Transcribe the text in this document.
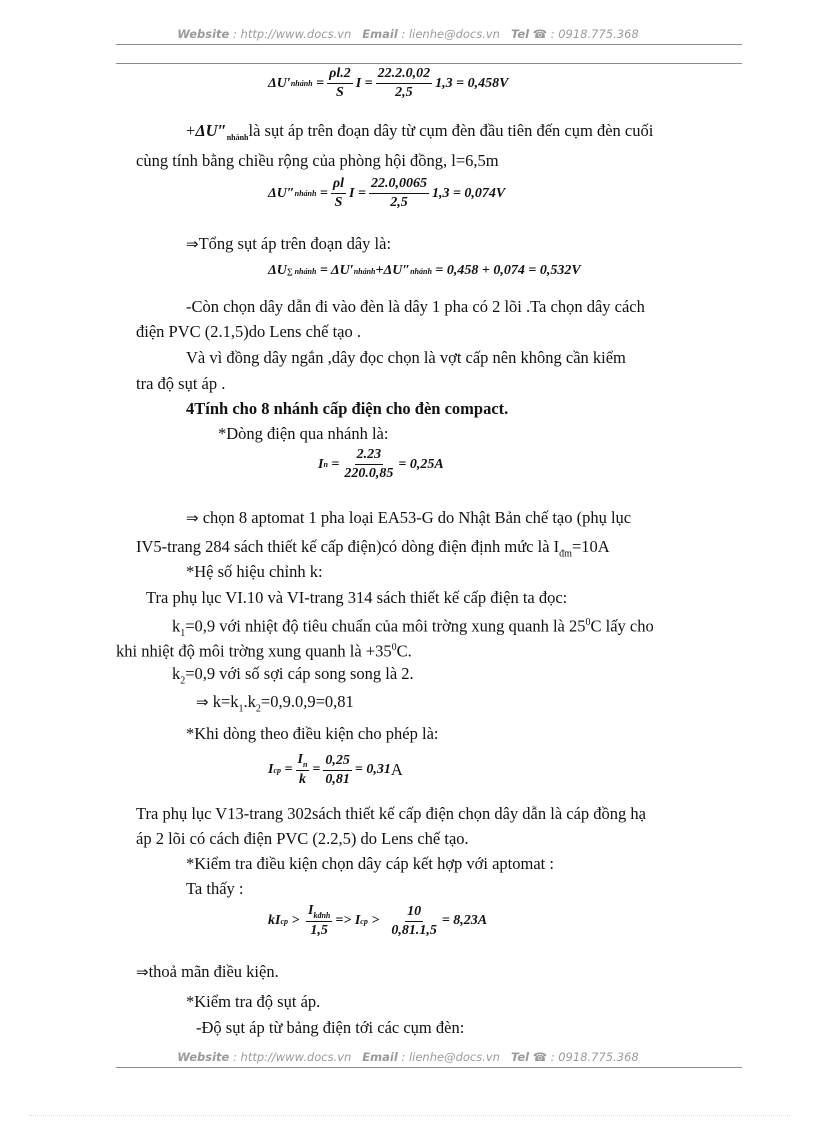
Website : http://www.docs.vn Email : lienhe@docs.vn Tel ☎ : 0918.775.368
ΔU′ nhánh = $\frac{\rho l.2}{S}$ $I = \frac{22.2.0,02}{2,5} 1,3 = 0,458V$
$+\Delta U''_{nhánh}là$ sụt áp trên đoạn dây từ cụm đèn đầu tiên đến cụm đèn cuối
cùng tính bằng chiều rộng của phòng hội đồng, l=6,5m
ΔU″ nhánh = $\frac{\rho l}{S}$ $I = \frac{22.0,0065}{2,5} 1,3 = 0,074V$
⇒Tổng sụt áp trên đoạn dây là:
ΔU ∑ nhánh
= ΔU′ nhánh +ΔU″ nhánh
= 0,458 + 0,074 = 0,532V
-Còn chọn dây dẫn đi vào đèn là dây 1 pha có 2 lõi .Ta chọn dây cách
điện PVC (2.1,5)do Lens chế tạo .
Và vì đồng dây ngắn ,dây đọc chọn là vợt cấp nên không cần kiểm
tra độ sụt áp .
4Tính cho 8 nhánh cấp điện cho đèn compact.
*Dòng điện qua nhánh là:
I $n = \frac{2.23}{220.0,85} = 0,25A$
⇒ chọn 8 aptomat 1 pha loại EA53-G do Nhật Bản chế tạo (phụ lục
IV5-trang 284 sách thiết kế cấp điện)có dòng điện định mức là $I_{đm}=10A$
*Hệ số hiệu chỉnh k:
Tra phụ lục VI.10 và VI-trang 314 sách thiết kế cấp điện ta đọc:
$k_1=0,9$ với nhiệt độ tiêu chuẩn của môi trờng xung quanh là $25^0C$ lấy cho
khi nhiệt độ môi trờng xung quanh là $+35^0C$.
$k_2=0,9$ với số sợi cáp song song là 2.
⇒ $k=k_1.k_2=0,9.0,9=0,81$
*Khi dòng theo điều kiện cho phép là:
I cp = $\frac{I_n}{k} = \frac{0,25}{0,81} = 0,31$ A
Tra phụ lục V13-trang 302sách thiết kế cấp điện chọn dây dẫn là cáp đồng hạ
áp 2 lõi có cách điện PVC (2.2,5) do Lens chế tạo.
*Kiểm tra điều kiện chọn dây cáp kết hợp với aptomat :
Ta thấy :
kI cp
>
$\frac{I_{kđnh}}{1,5} => I$ cp
>
$\frac{10}{0,81.1,5} = 8,23A$
⇒thoả mãn điều kiện.
*Kiểm tra độ sụt áp.
-Độ sụt áp từ bảng điện tới các cụm đèn:
Website : http://www.docs.vn Email : lienhe@docs.vn Tel ☎ : 0918.775.368
